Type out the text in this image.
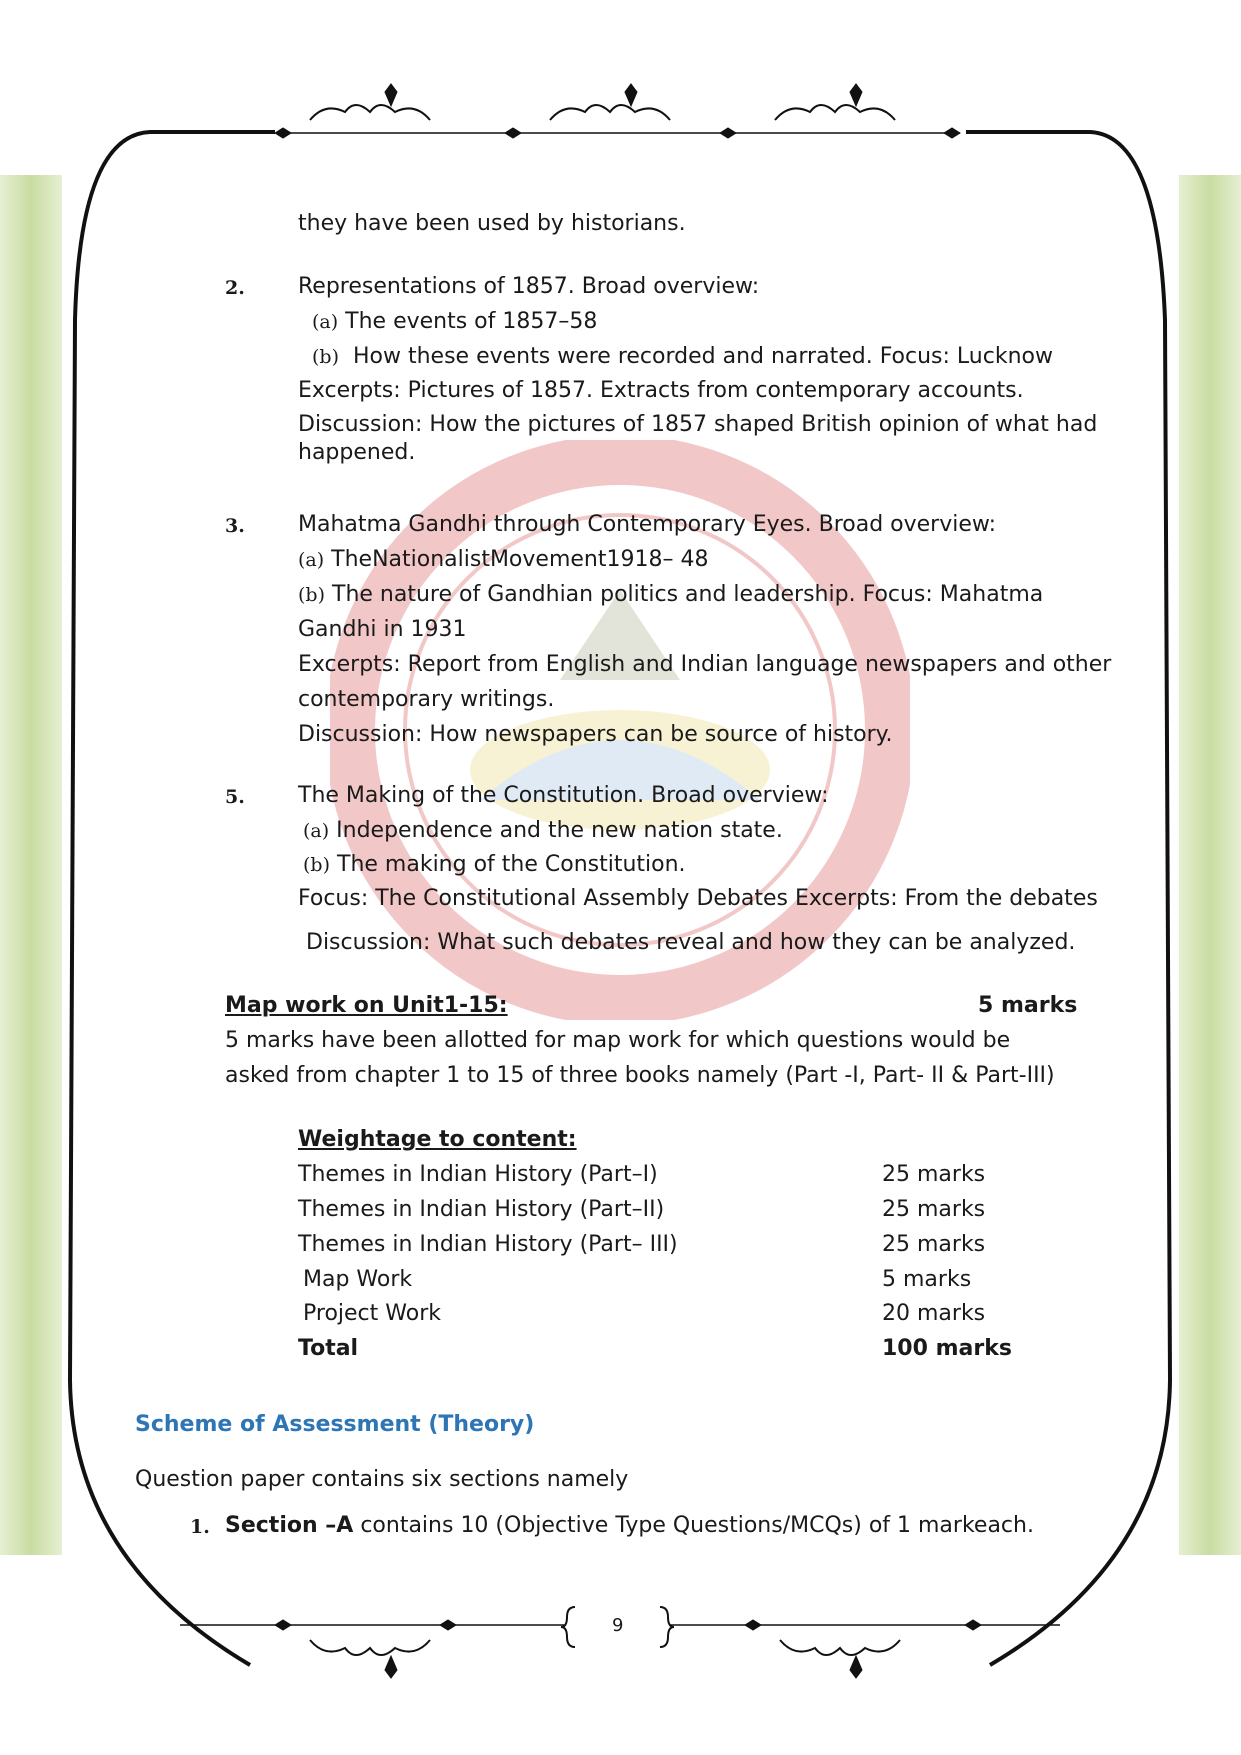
they have been used by historians.
2. Representations of 1857. Broad overview:
(a) The events of 1857–58
(b) How these events were recorded and narrated. Focus: Lucknow
Excerpts: Pictures of 1857. Extracts from contemporary accounts.
Discussion: How the pictures of 1857 shaped British opinion of what had
happened.
3. Mahatma Gandhi through Contemporary Eyes. Broad overview:
(a) TheNationalistMovement1918– 48
(b) The nature of Gandhian politics and leadership. Focus: Mahatma
Gandhi in 1931
Excerpts: Report from English and Indian language newspapers and other
contemporary writings.
Discussion: How newspapers can be source of history.
5. The Making of the Constitution. Broad overview:
(a) Independence and the new nation state.
(b) The making of the Constitution.
Focus: The Constitutional Assembly Debates Excerpts: From the debates
Discussion: What such debates reveal and how they can be analyzed.
Map work on Unit1-15:	5 marks
5 marks have been allotted for map work for which questions would be
asked from chapter 1 to 15 of three books namely (Part -I, Part- II & Part-III)
Weightage to content:
Themes in Indian History (Part–I)	25 marks
Themes in Indian History (Part–II)	25 marks
Themes in Indian History (Part– III)	25 marks
Map Work	5 marks
Project Work	20 marks
Total	100 marks
Scheme of Assessment (Theory)
Question paper contains six sections namely
1. Section –A contains 10 (Objective Type Questions/MCQs) of 1 markeach.
9
